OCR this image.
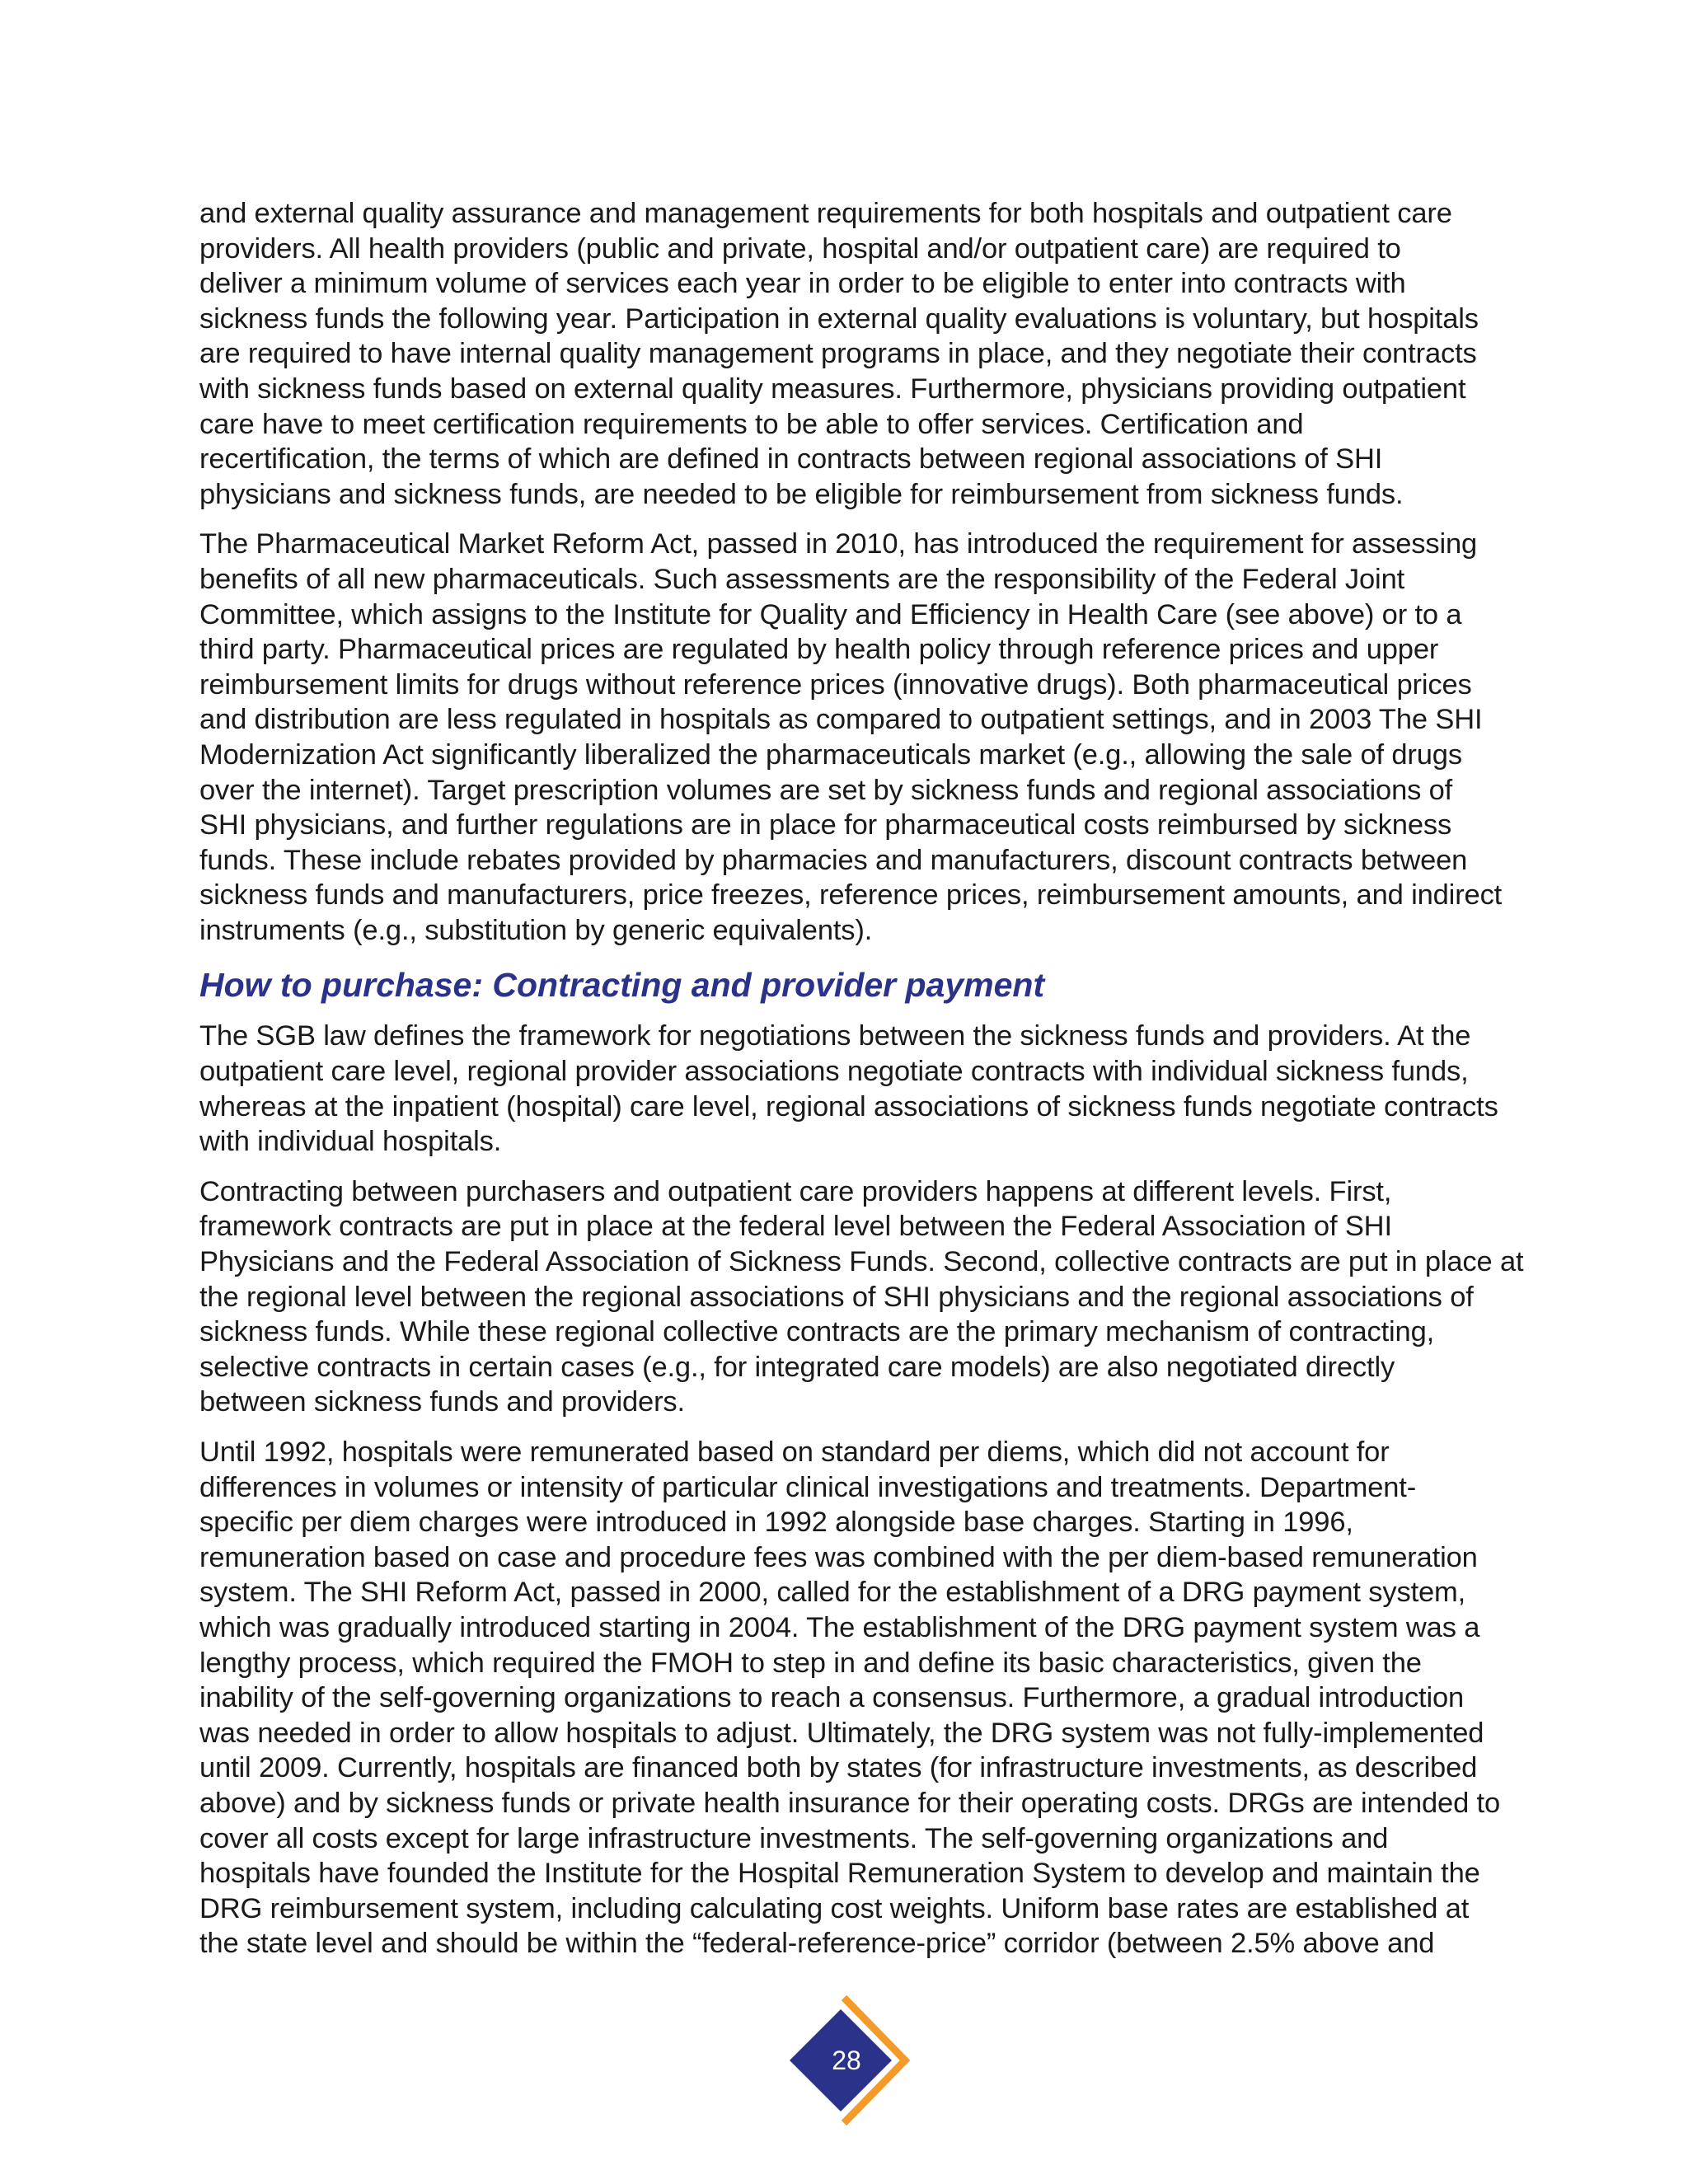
and external quality assurance and management requirements for both hospitals and outpatient care
providers. All health providers (public and private, hospital and/or outpatient care) are required to
deliver a minimum volume of services each year in order to be eligible to enter into contracts with
sickness funds the following year. Participation in external quality evaluations is voluntary, but hospitals
are required to have internal quality management programs in place, and they negotiate their contracts
with sickness funds based on external quality measures. Furthermore, physicians providing outpatient
care have to meet certification requirements to be able to offer services. Certification and
recertification, the terms of which are defined in contracts between regional associations of SHI
physicians and sickness funds, are needed to be eligible for reimbursement from sickness funds.

The Pharmaceutical Market Reform Act, passed in 2010, has introduced the requirement for assessing
benefits of all new pharmaceuticals. Such assessments are the responsibility of the Federal Joint
Committee, which assigns to the Institute for Quality and Efficiency in Health Care (see above) or to a
third party. Pharmaceutical prices are regulated by health policy through reference prices and upper
reimbursement limits for drugs without reference prices (innovative drugs). Both pharmaceutical prices
and distribution are less regulated in hospitals as compared to outpatient settings, and in 2003 The SHI
Modernization Act significantly liberalized the pharmaceuticals market (e.g., allowing the sale of drugs
over the internet). Target prescription volumes are set by sickness funds and regional associations of
SHI physicians, and further regulations are in place for pharmaceutical costs reimbursed by sickness
funds. These include rebates provided by pharmacies and manufacturers, discount contracts between
sickness funds and manufacturers, price freezes, reference prices, reimbursement amounts, and indirect
instruments (e.g., substitution by generic equivalents).

How to purchase: Contracting and provider payment

The SGB law defines the framework for negotiations between the sickness funds and providers. At the
outpatient care level, regional provider associations negotiate contracts with individual sickness funds,
whereas at the inpatient (hospital) care level, regional associations of sickness funds negotiate contracts
with individual hospitals.

Contracting between purchasers and outpatient care providers happens at different levels. First,
framework contracts are put in place at the federal level between the Federal Association of SHI
Physicians and the Federal Association of Sickness Funds. Second, collective contracts are put in place at
the regional level between the regional associations of SHI physicians and the regional associations of
sickness funds. While these regional collective contracts are the primary mechanism of contracting,
selective contracts in certain cases (e.g., for integrated care models) are also negotiated directly
between sickness funds and providers.

Until 1992, hospitals were remunerated based on standard per diems, which did not account for
differences in volumes or intensity of particular clinical investigations and treatments. Department-
specific per diem charges were introduced in 1992 alongside base charges. Starting in 1996,
remuneration based on case and procedure fees was combined with the per diem-based remuneration
system. The SHI Reform Act, passed in 2000, called for the establishment of a DRG payment system,
which was gradually introduced starting in 2004. The establishment of the DRG payment system was a
lengthy process, which required the FMOH to step in and define its basic characteristics, given the
inability of the self-governing organizations to reach a consensus. Furthermore, a gradual introduction
was needed in order to allow hospitals to adjust. Ultimately, the DRG system was not fully-implemented
until 2009. Currently, hospitals are financed both by states (for infrastructure investments, as described
above) and by sickness funds or private health insurance for their operating costs. DRGs are intended to
cover all costs except for large infrastructure investments. The self-governing organizations and
hospitals have founded the Institute for the Hospital Remuneration System to develop and maintain the
DRG reimbursement system, including calculating cost weights. Uniform base rates are established at
the state level and should be within the “federal-reference-price” corridor (between 2.5% above and

28
